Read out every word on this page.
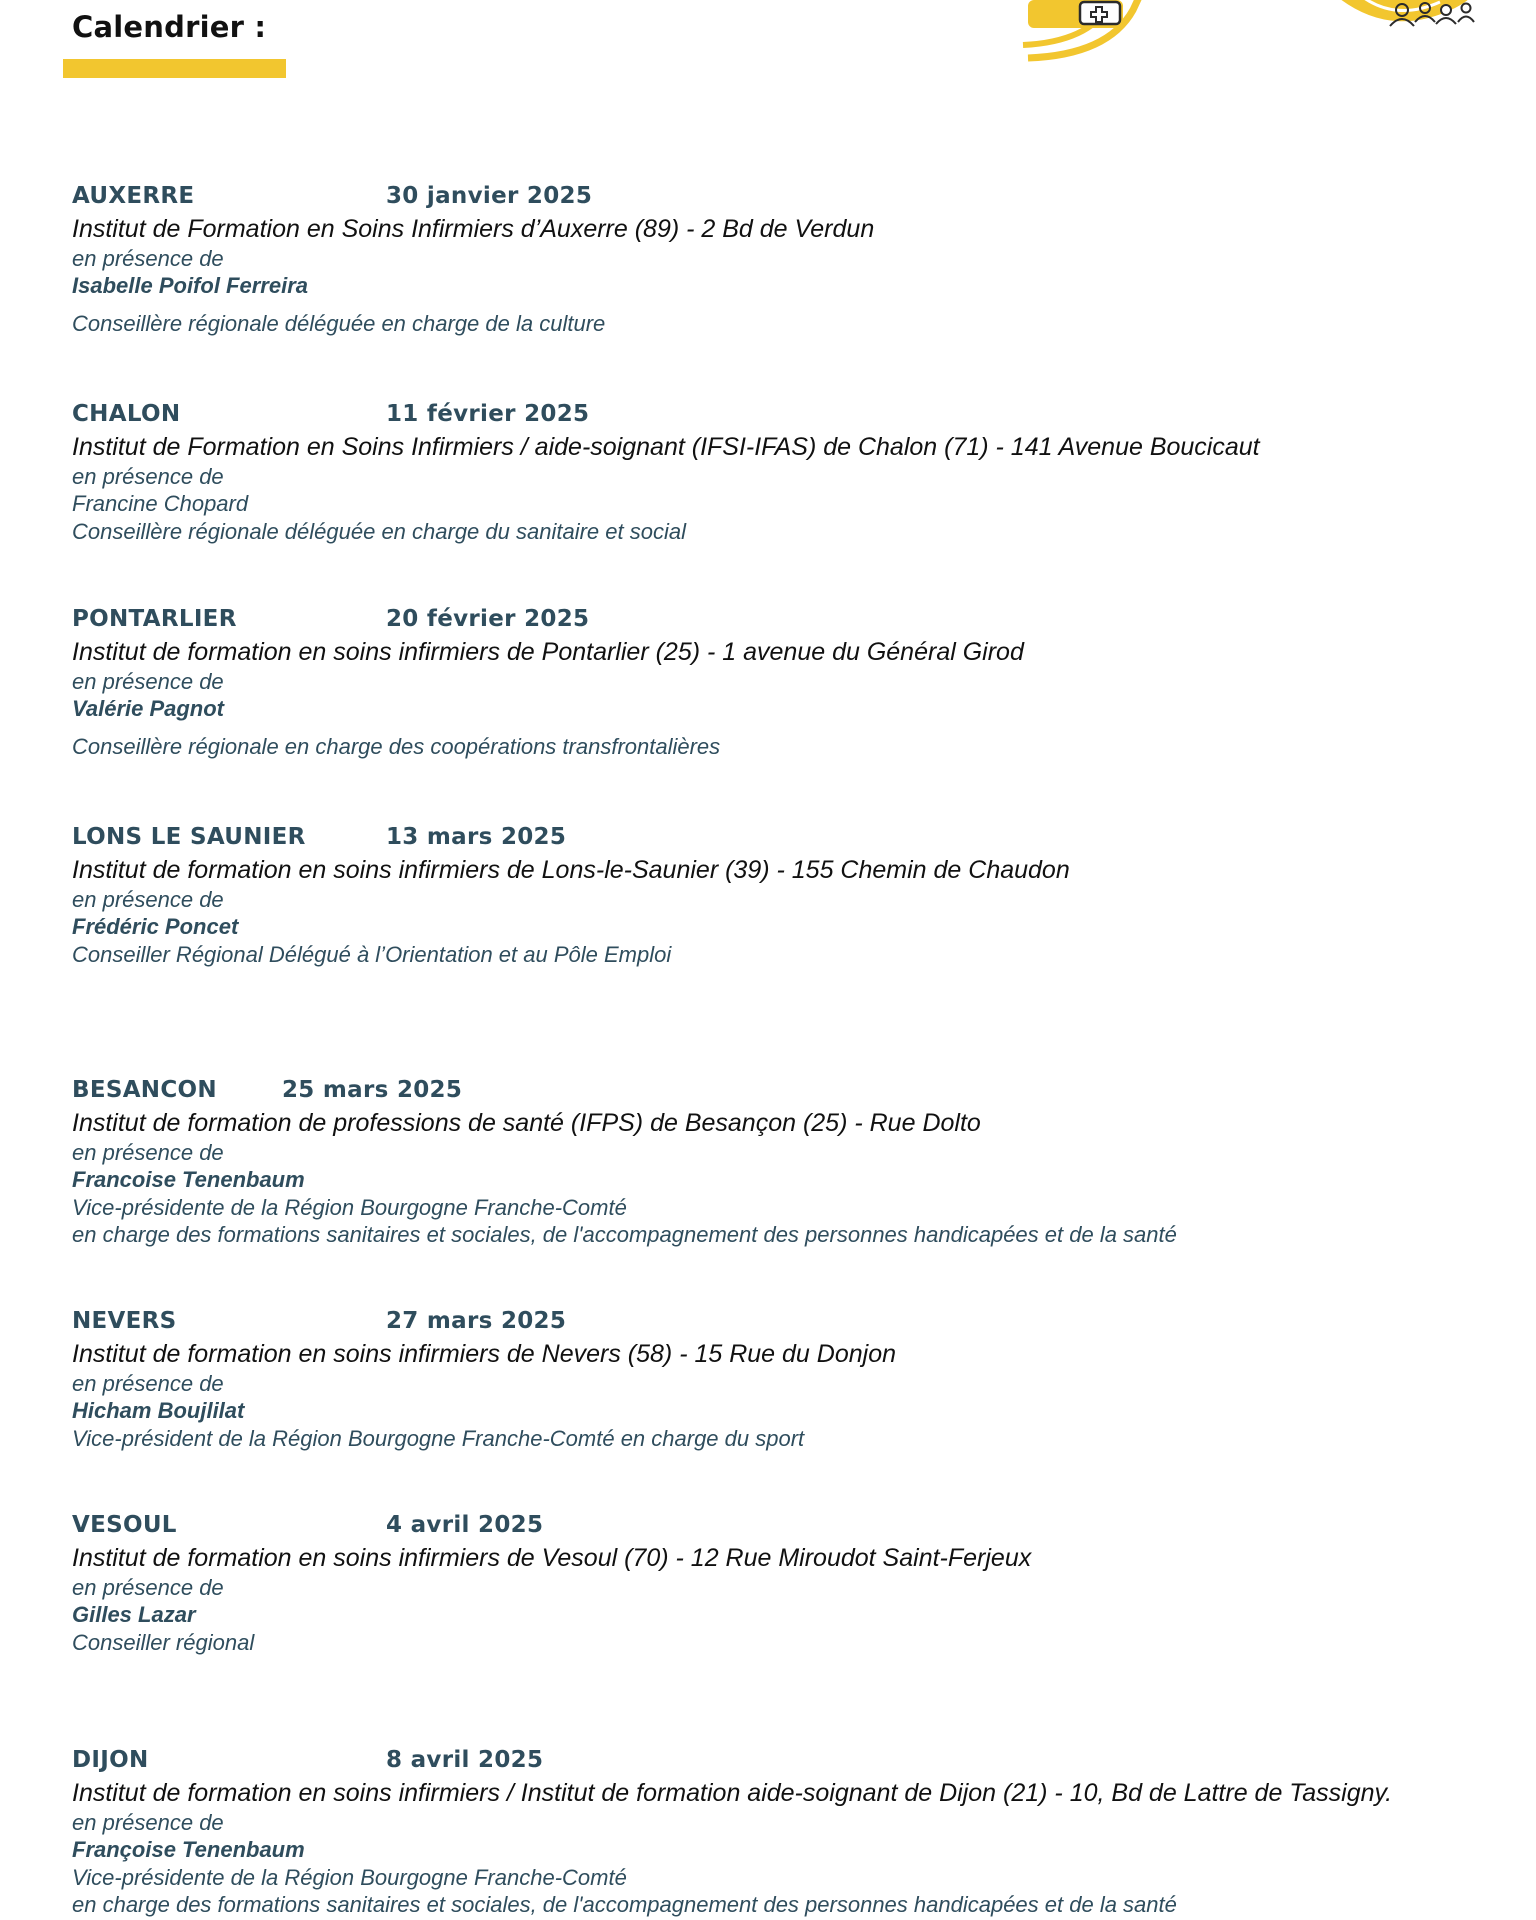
Calendrier :
AUXERRE	30 janvier 2025
Institut de Formation en Soins Infirmiers d’Auxerre (89) - 2 Bd de Verdun
en présence de
Isabelle Poifol Ferreira
Conseillère régionale déléguée en charge de la culture
CHALON	11 février 2025
Institut de Formation en Soins Infirmiers / aide-soignant (IFSI-IFAS) de Chalon (71) - 141 Avenue Boucicaut
en présence de
Francine Chopard
Conseillère régionale déléguée en charge du sanitaire et social
PONTARLIER	20 février 2025
Institut de formation en soins infirmiers de Pontarlier (25) - 1 avenue du Général Girod
en présence de
Valérie Pagnot
Conseillère régionale en charge des coopérations transfrontalières
LONS LE SAUNIER	13 mars 2025
Institut de formation en soins infirmiers de Lons-le-Saunier (39) - 155 Chemin de Chaudon
en présence de
Frédéric Poncet
Conseiller Régional Délégué à l’Orientation et au Pôle Emploi
BESANCON	25 mars 2025
Institut de formation de professions de santé (IFPS) de Besançon (25) - Rue Dolto
en présence de
Francoise Tenenbaum
Vice-présidente de la Région Bourgogne Franche-Comté
en charge des formations sanitaires et sociales, de l'accompagnement des personnes handicapées et de la santé
NEVERS	27 mars 2025
Institut de formation en soins infirmiers de Nevers (58) - 15 Rue du Donjon
en présence de
Hicham Boujlilat
Vice-président de la Région Bourgogne Franche-Comté en charge du sport
VESOUL	4 avril 2025
Institut de formation en soins infirmiers de Vesoul (70) - 12 Rue Miroudot Saint-Ferjeux
en présence de
Gilles Lazar
Conseiller régional
DIJON	8 avril 2025
Institut de formation en soins infirmiers / Institut de formation aide-soignant de Dijon (21) - 10, Bd de Lattre de Tassigny.
en présence de
Françoise Tenenbaum
Vice-présidente de la Région Bourgogne Franche-Comté
en charge des formations sanitaires et sociales, de l'accompagnement des personnes handicapées et de la santé
